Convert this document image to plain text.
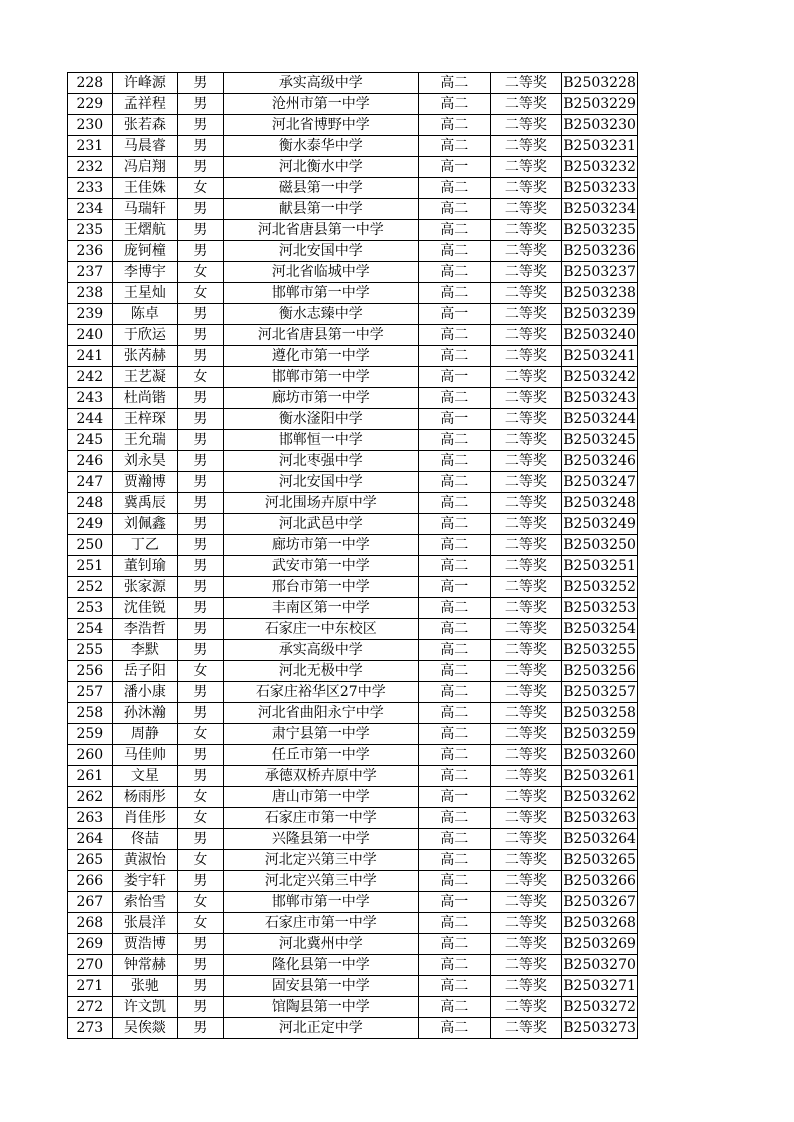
228	许峰源	男	承实高级中学	高二	二等奖	B2503228
229	孟祥程	男	沧州市第一中学	高二	二等奖	B2503229
230	张若森	男	河北省博野中学	高二	二等奖	B2503230
231	马晨睿	男	衡水泰华中学	高二	二等奖	B2503231
232	冯启翔	男	河北衡水中学	高一	二等奖	B2503232
233	王佳姝	女	磁县第一中学	高二	二等奖	B2503233
234	马瑞轩	男	献县第一中学	高二	二等奖	B2503234
235	王熠航	男	河北省唐县第一中学	高二	二等奖	B2503235
236	庞钶橦	男	河北安国中学	高二	二等奖	B2503236
237	李博宇	女	河北省临城中学	高二	二等奖	B2503237
238	王星灿	女	邯郸市第一中学	高二	二等奖	B2503238
239	陈卓	男	衡水志臻中学	高一	二等奖	B2503239
240	于欣运	男	河北省唐县第一中学	高二	二等奖	B2503240
241	张芮赫	男	遵化市第一中学	高二	二等奖	B2503241
242	王艺凝	女	邯郸市第一中学	高一	二等奖	B2503242
243	杜尚锴	男	廊坊市第一中学	高二	二等奖	B2503243
244	王梓琛	男	衡水滏阳中学	高一	二等奖	B2503244
245	王允瑞	男	邯郸恒一中学	高二	二等奖	B2503245
246	刘永昊	男	河北枣强中学	高二	二等奖	B2503246
247	贾瀚博	男	河北安国中学	高二	二等奖	B2503247
248	冀禹辰	男	河北围场卉原中学	高二	二等奖	B2503248
249	刘佩鑫	男	河北武邑中学	高二	二等奖	B2503249
250	丁乙	男	廊坊市第一中学	高二	二等奖	B2503250
251	董钊瑜	男	武安市第一中学	高二	二等奖	B2503251
252	张家源	男	邢台市第一中学	高一	二等奖	B2503252
253	沈佳锐	男	丰南区第一中学	高二	二等奖	B2503253
254	李浩哲	男	石家庄一中东校区	高二	二等奖	B2503254
255	李默	男	承实高级中学	高二	二等奖	B2503255
256	岳子阳	女	河北无极中学	高二	二等奖	B2503256
257	潘小康	男	石家庄裕华区27中学	高二	二等奖	B2503257
258	孙沐瀚	男	河北省曲阳永宁中学	高二	二等奖	B2503258
259	周静	女	肃宁县第一中学	高二	二等奖	B2503259
260	马佳帅	男	任丘市第一中学	高二	二等奖	B2503260
261	文星	男	承德双桥卉原中学	高二	二等奖	B2503261
262	杨雨彤	女	唐山市第一中学	高一	二等奖	B2503262
263	肖佳彤	女	石家庄市第一中学	高二	二等奖	B2503263
264	佟喆	男	兴隆县第一中学	高二	二等奖	B2503264
265	黄淑怡	女	河北定兴第三中学	高二	二等奖	B2503265
266	娄宇轩	男	河北定兴第三中学	高二	二等奖	B2503266
267	索怡雪	女	邯郸市第一中学	高一	二等奖	B2503267
268	张晨洋	女	石家庄市第一中学	高二	二等奖	B2503268
269	贾浩博	男	河北冀州中学	高二	二等奖	B2503269
270	钟常赫	男	隆化县第一中学	高二	二等奖	B2503270
271	张驰	男	固安县第一中学	高二	二等奖	B2503271
272	许文凯	男	馆陶县第一中学	高二	二等奖	B2503272
273	吴俟燚	男	河北正定中学	高二	二等奖	B2503273
